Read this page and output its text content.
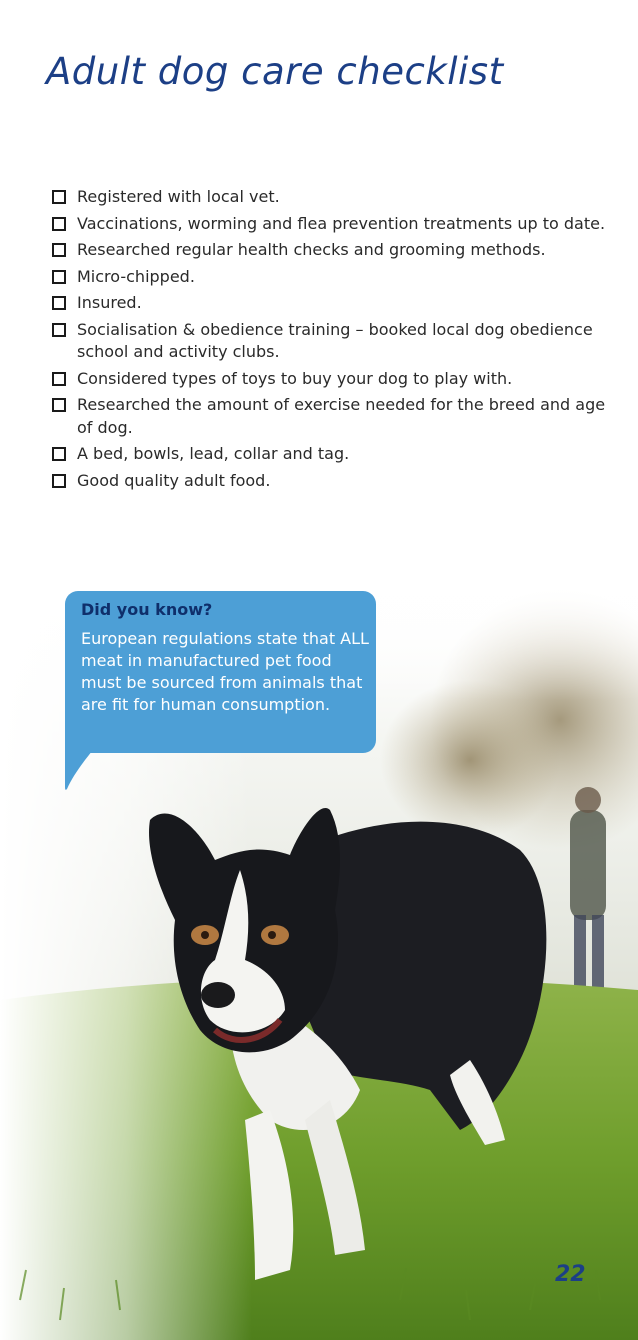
Adult dog care checklist
Registered with local vet.
Vaccinations, worming and flea prevention treatments up to date.
Researched regular health checks and grooming methods.
Micro-chipped.
Insured.
Socialisation & obedience training – booked local dog obedience school and activity clubs.
Considered types of toys to buy your dog to play with.
Researched the amount of exercise needed for the breed and age of dog.
A bed, bowls, lead, collar and tag.
Good quality adult food.

Did you know?

European regulations state that ALL meat in manufactured pet food must be sourced from animals that are fit for human consumption.

22
